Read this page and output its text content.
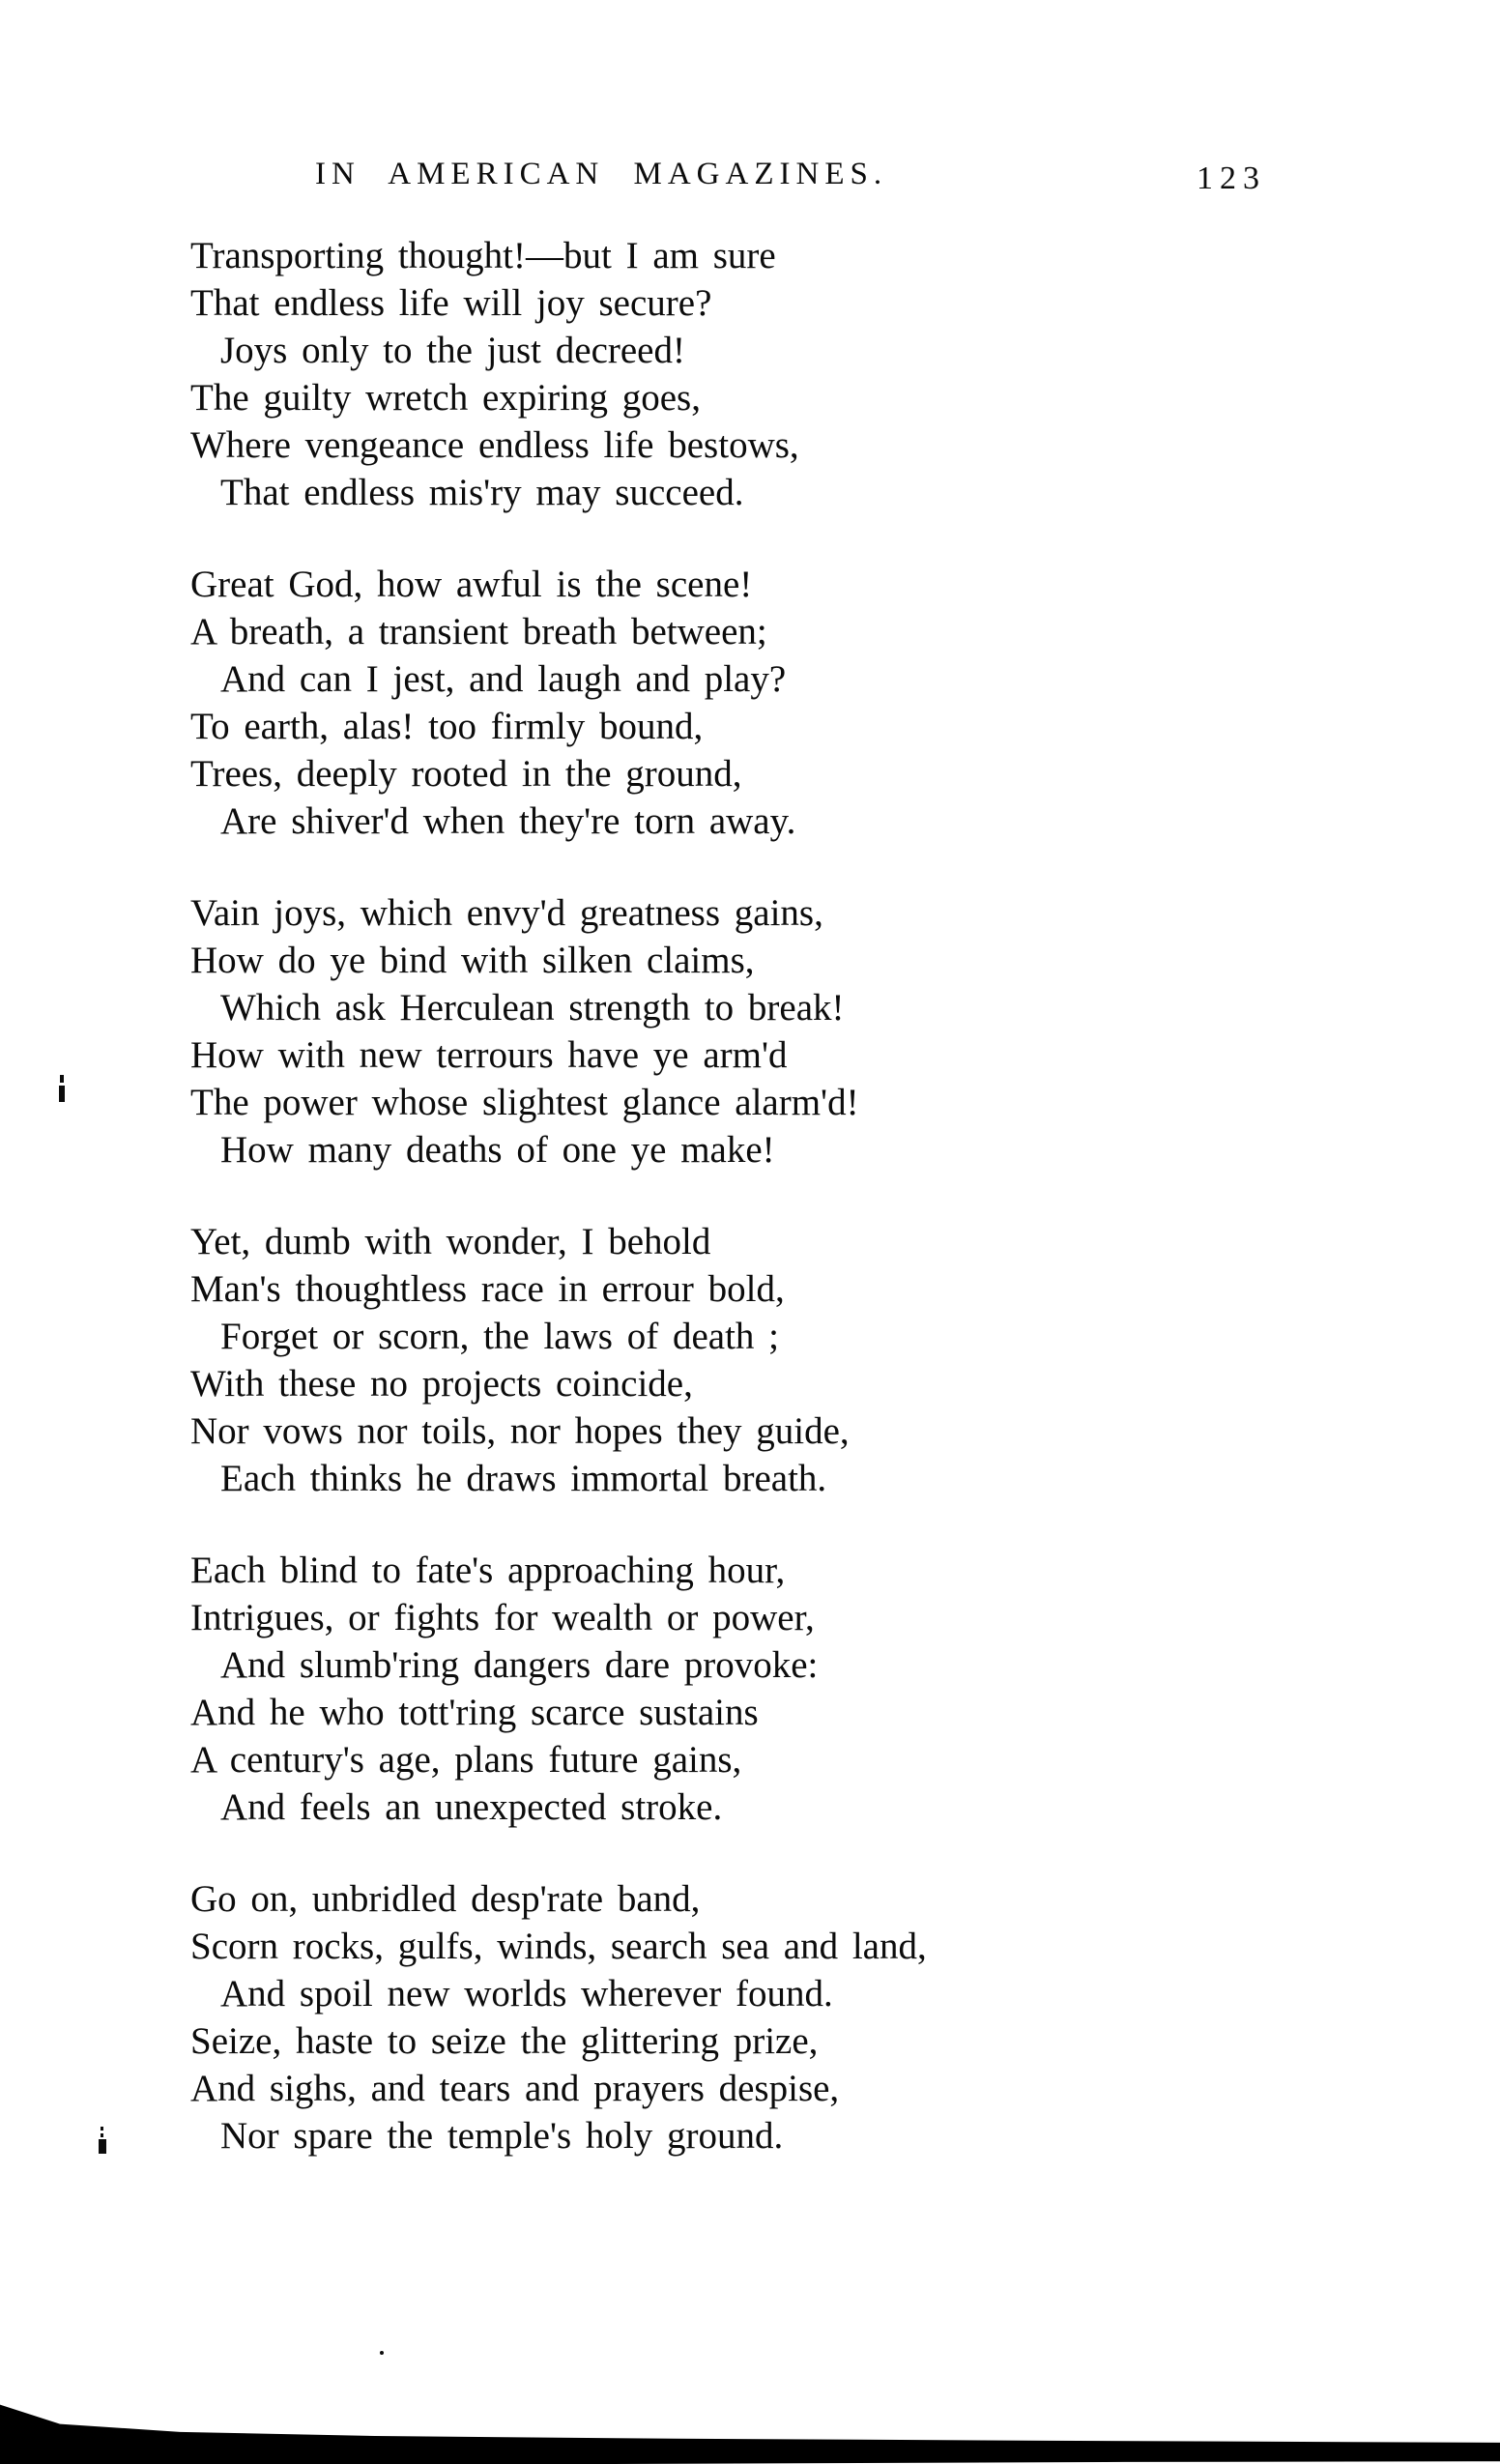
IN AMERICAN MAGAZINES.	123
Transporting thought!—but I am sure
That endless life will joy secure?
Joys only to the just decreed!
The guilty wretch expiring goes,
Where vengeance endless life bestows,
That endless mis'ry may succeed.
Great God, how awful is the scene!
A breath, a transient breath between;
And can I jest, and laugh and play?
To earth, alas! too firmly bound,
Trees, deeply rooted in the ground,
Are shiver'd when they're torn away.
Vain joys, which envy'd greatness gains,
How do ye bind with silken claims,
Which ask Herculean strength to break!
How with new terrours have ye arm'd
The power whose slightest glance alarm'd!
How many deaths of one ye make!
Yet, dumb with wonder, I behold
Man's thoughtless race in errour bold,
Forget or scorn, the laws of death ;
With these no projects coincide,
Nor vows nor toils, nor hopes they guide,
Each thinks he draws immortal breath.
Each blind to fate's approaching hour,
Intrigues, or fights for wealth or power,
And slumb'ring dangers dare provoke:
And he who tott'ring scarce sustains
A century's age, plans future gains,
And feels an unexpected stroke.
Go on, unbridled desp'rate band,
Scorn rocks, gulfs, winds, search sea and land,
And spoil new worlds wherever found.
Seize, haste to seize the glittering prize,
And sighs, and tears and prayers despise,
Nor spare the temple's holy ground.
